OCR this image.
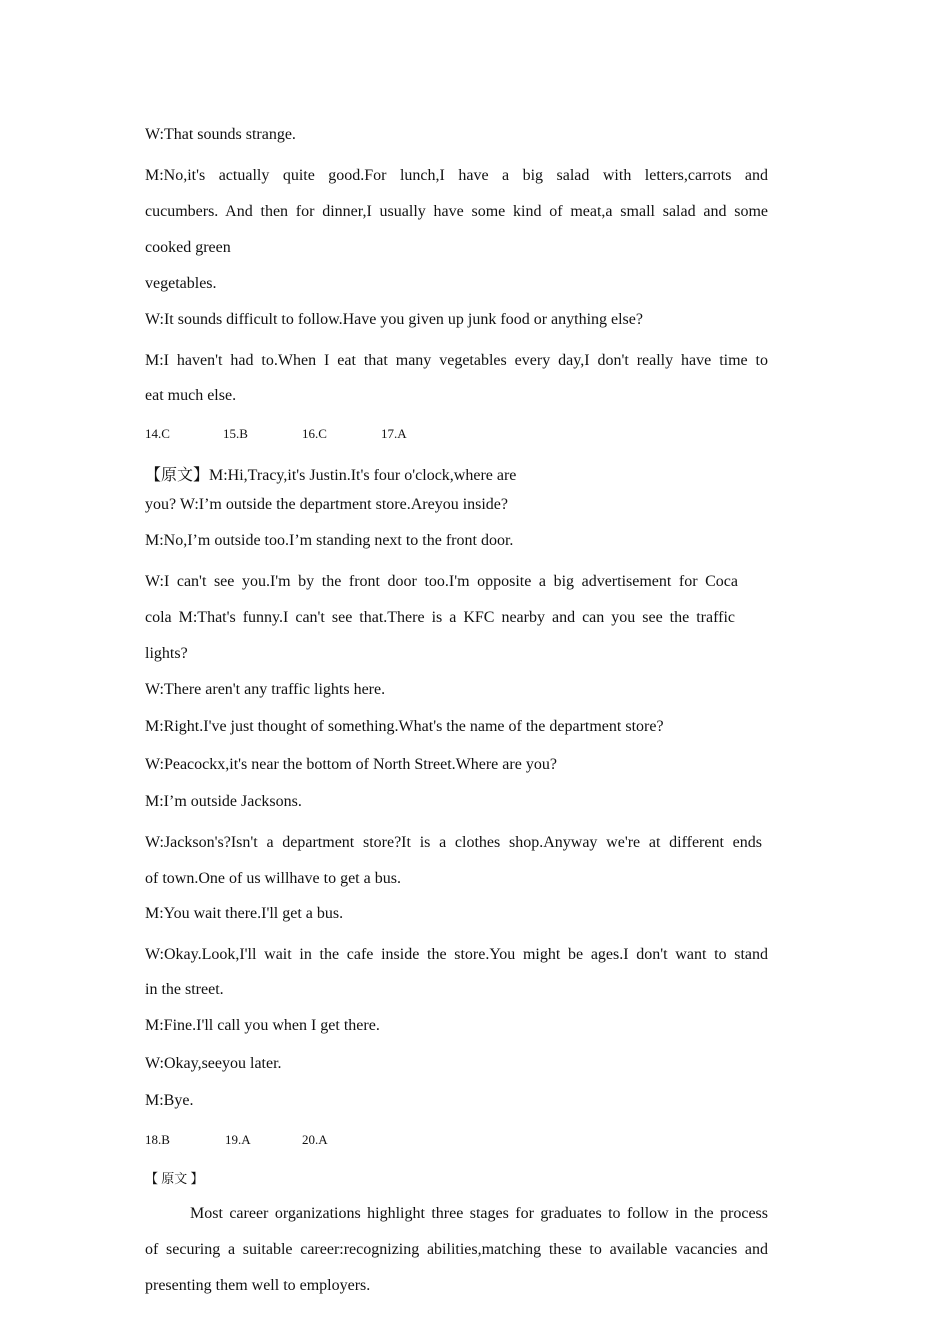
W:That sounds strange.
M:No,it's actually quite good.For lunch,I have a big salad with letters,carrots and
cucumbers. And then for dinner,I usually have some kind of meat,a small salad and some
cooked green
vegetables.
W:It sounds difficult to follow.Have you given up junk food or anything else?
M:I haven't had to.When I eat that many vegetables every day,I don't really have time to
eat much else.
14.C	15.B	16.C	17.A
【原文】M:Hi,Tracy,it's Justin.It's four o'clock,where are
you? W:I’m outside the department store.Areyou inside?
M:No,I’m outside too.I’m standing next to the front door.
W:I can't see you.I'm by the front door too.I'm opposite a big advertisement for Coca
cola M:That's funny.I can't see that.There is a KFC nearby and can you see the traffic
lights?
W:There aren't any traffic lights here.
M:Right.I've just thought of something.What's the name of the department store?
W:Peacockx,it's near the bottom of North Street.Where are you?
M:I’m outside Jacksons.
W:Jackson's?Isn't a department store?It is a clothes shop.Anyway we're at different ends
of town.One of us willhave to get a bus.
M:You wait there.I'll get a bus.
W:Okay.Look,I'll wait in the cafe inside the store.You might be ages.I don't want to stand
in the street.
M:Fine.I'll call you when I get there.
W:Okay,seeyou later.
M:Bye.
18.B	19.A	20.A
【 原文 】
Most career organizations highlight three stages for graduates to follow in the process
of securing a suitable career:recognizing abilities,matching these to available vacancies and
presenting them well to employers.
